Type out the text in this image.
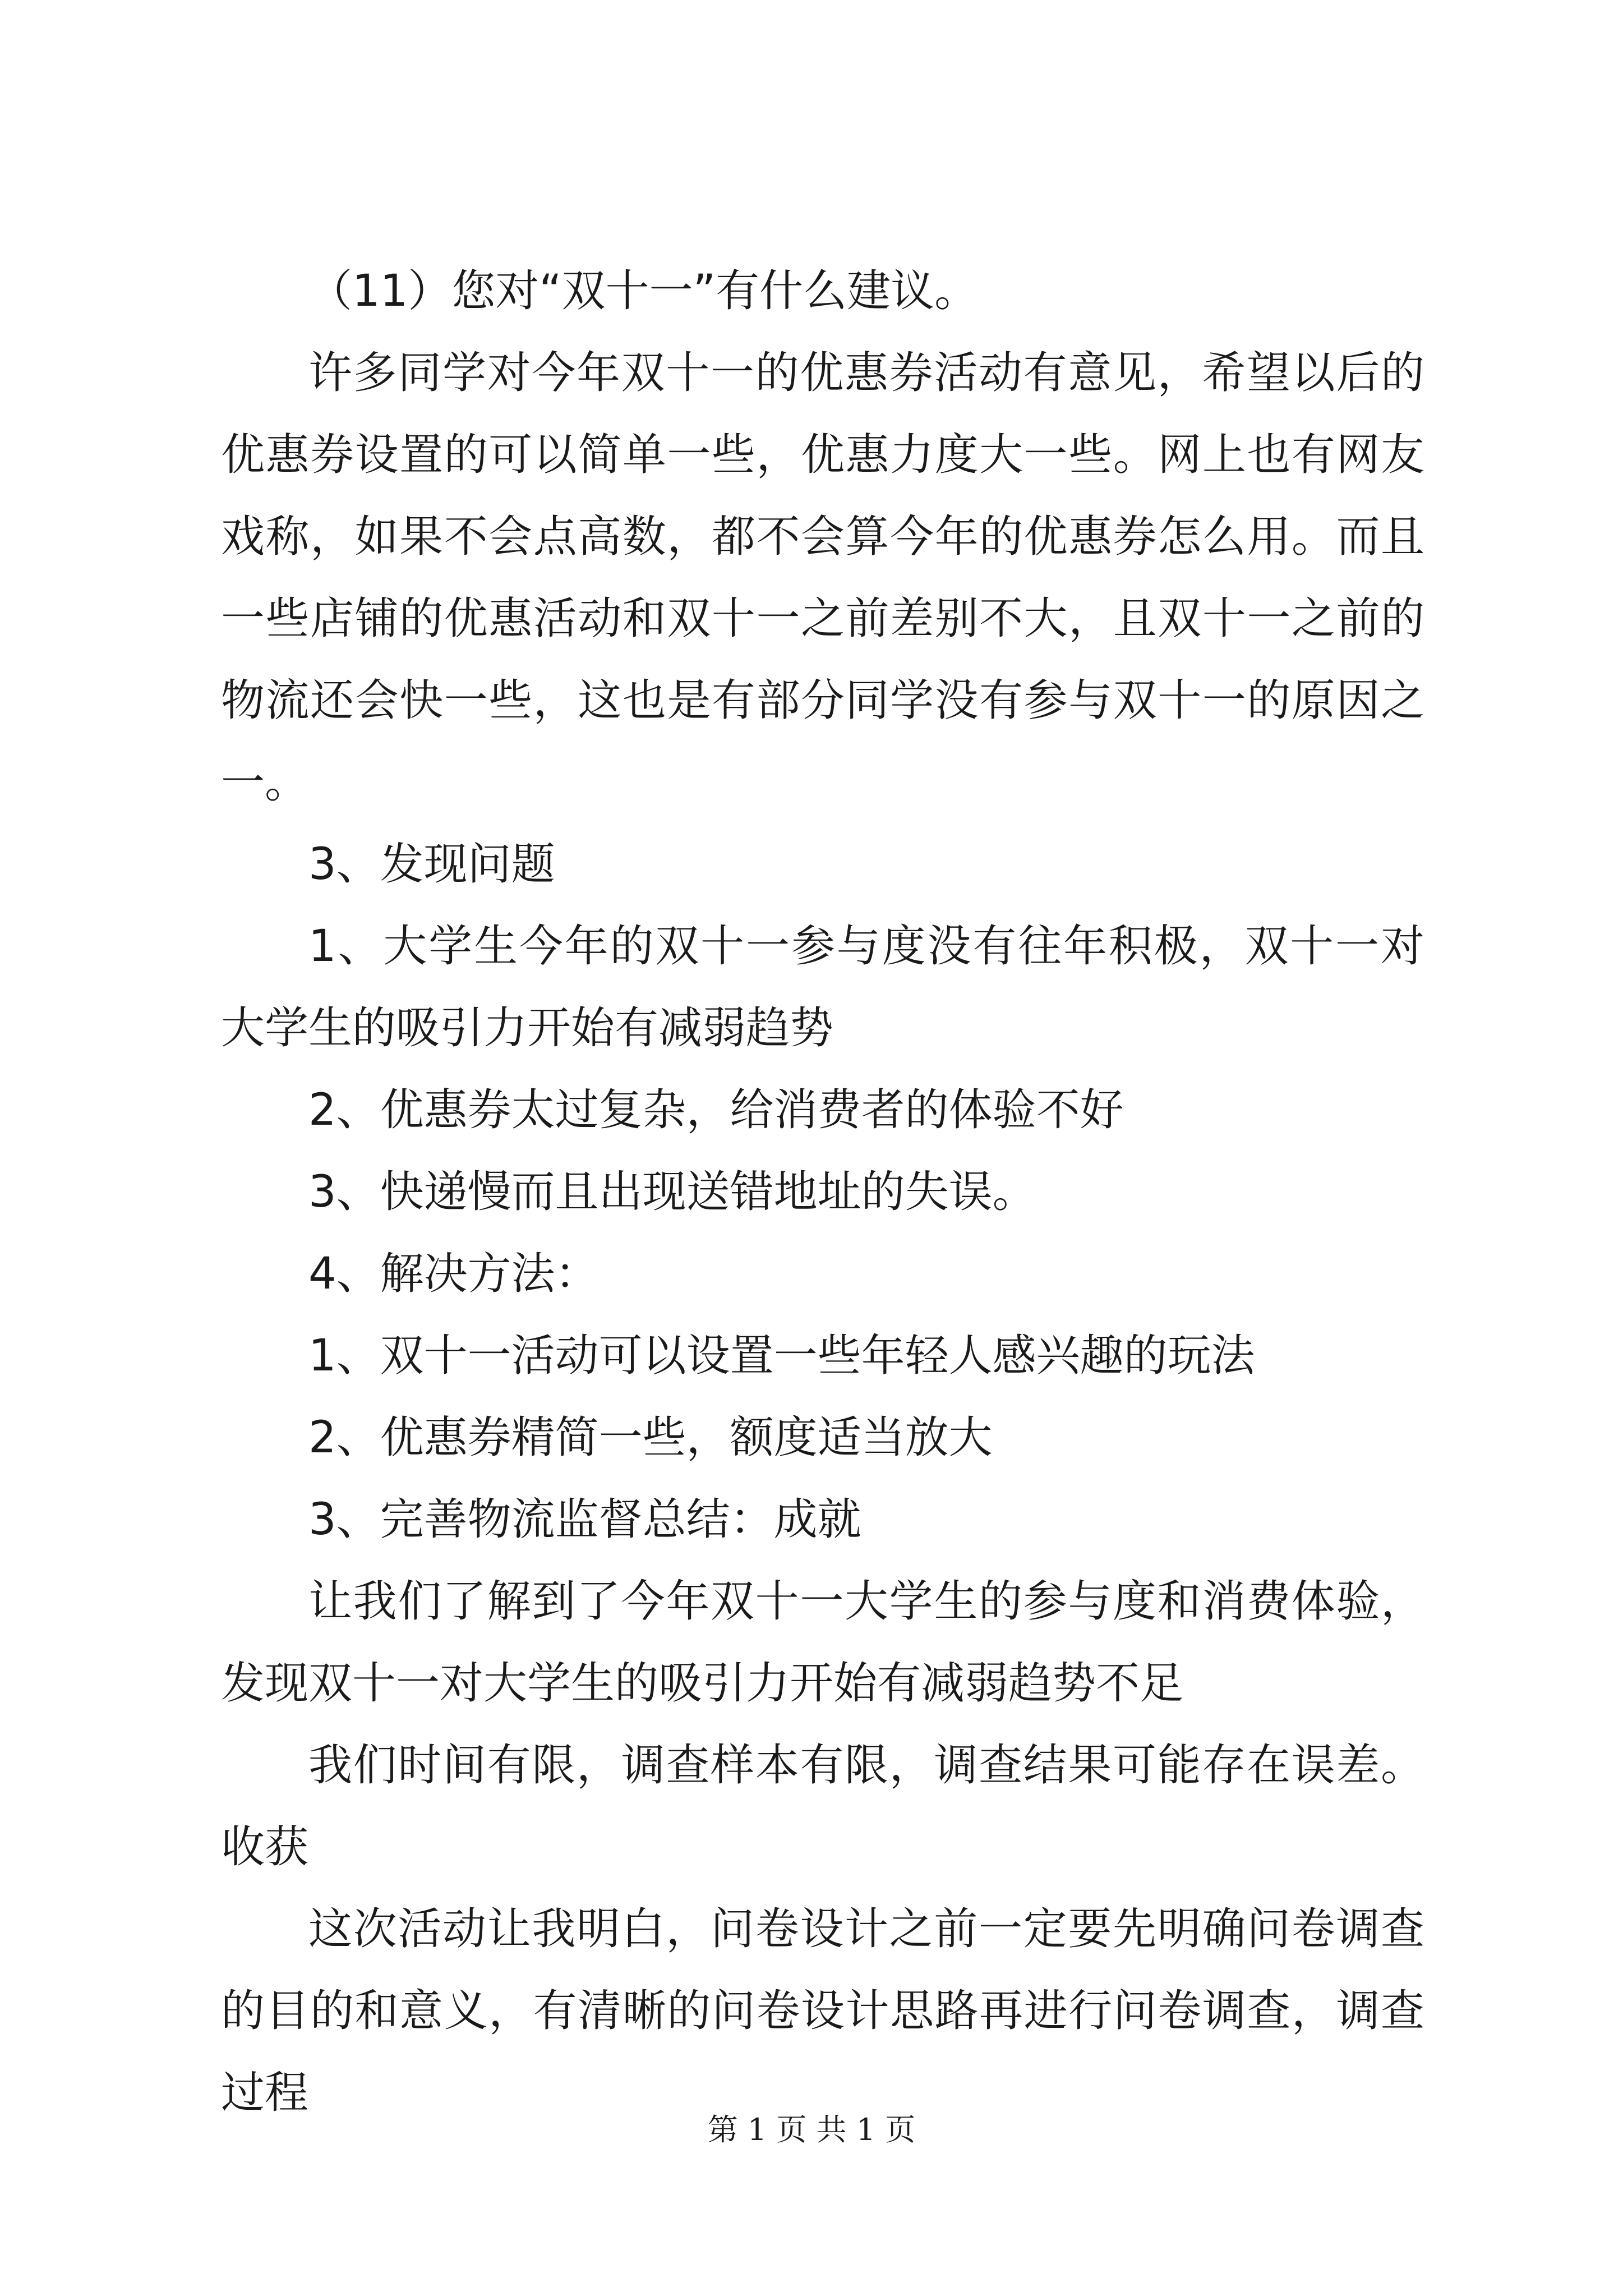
（11）您对“双十一”有什么建议。

许多同学对今年双十一的优惠券活动有意见，希望以后的优惠券设置的可以简单一些，优惠力度大一些。网上也有网友戏称，如果不会点高数，都不会算今年的优惠券怎么用。而且一些店铺的优惠活动和双十一之前差别不大，且双十一之前的物流还会快一些，这也是有部分同学没有参与双十一的原因之一。

3、发现问题

1、大学生今年的双十一参与度没有往年积极，双十一对大学生的吸引力开始有减弱趋势

2、优惠券太过复杂，给消费者的体验不好

3、快递慢而且出现送错地址的失误。

4、解决方法：

1、双十一活动可以设置一些年轻人感兴趣的玩法

2、优惠券精简一些，额度适当放大

3、完善物流监督总结：成就

让我们了解到了今年双十一大学生的参与度和消费体验，发现双十一对大学生的吸引力开始有减弱趋势不足

我们时间有限，调查样本有限，调查结果可能存在误差。收获

这次活动让我明白，问卷设计之前一定要先明确问卷调查的目的和意义，有清晰的问卷设计思路再进行问卷调查，调查过程

第 1 页 共 1 页
